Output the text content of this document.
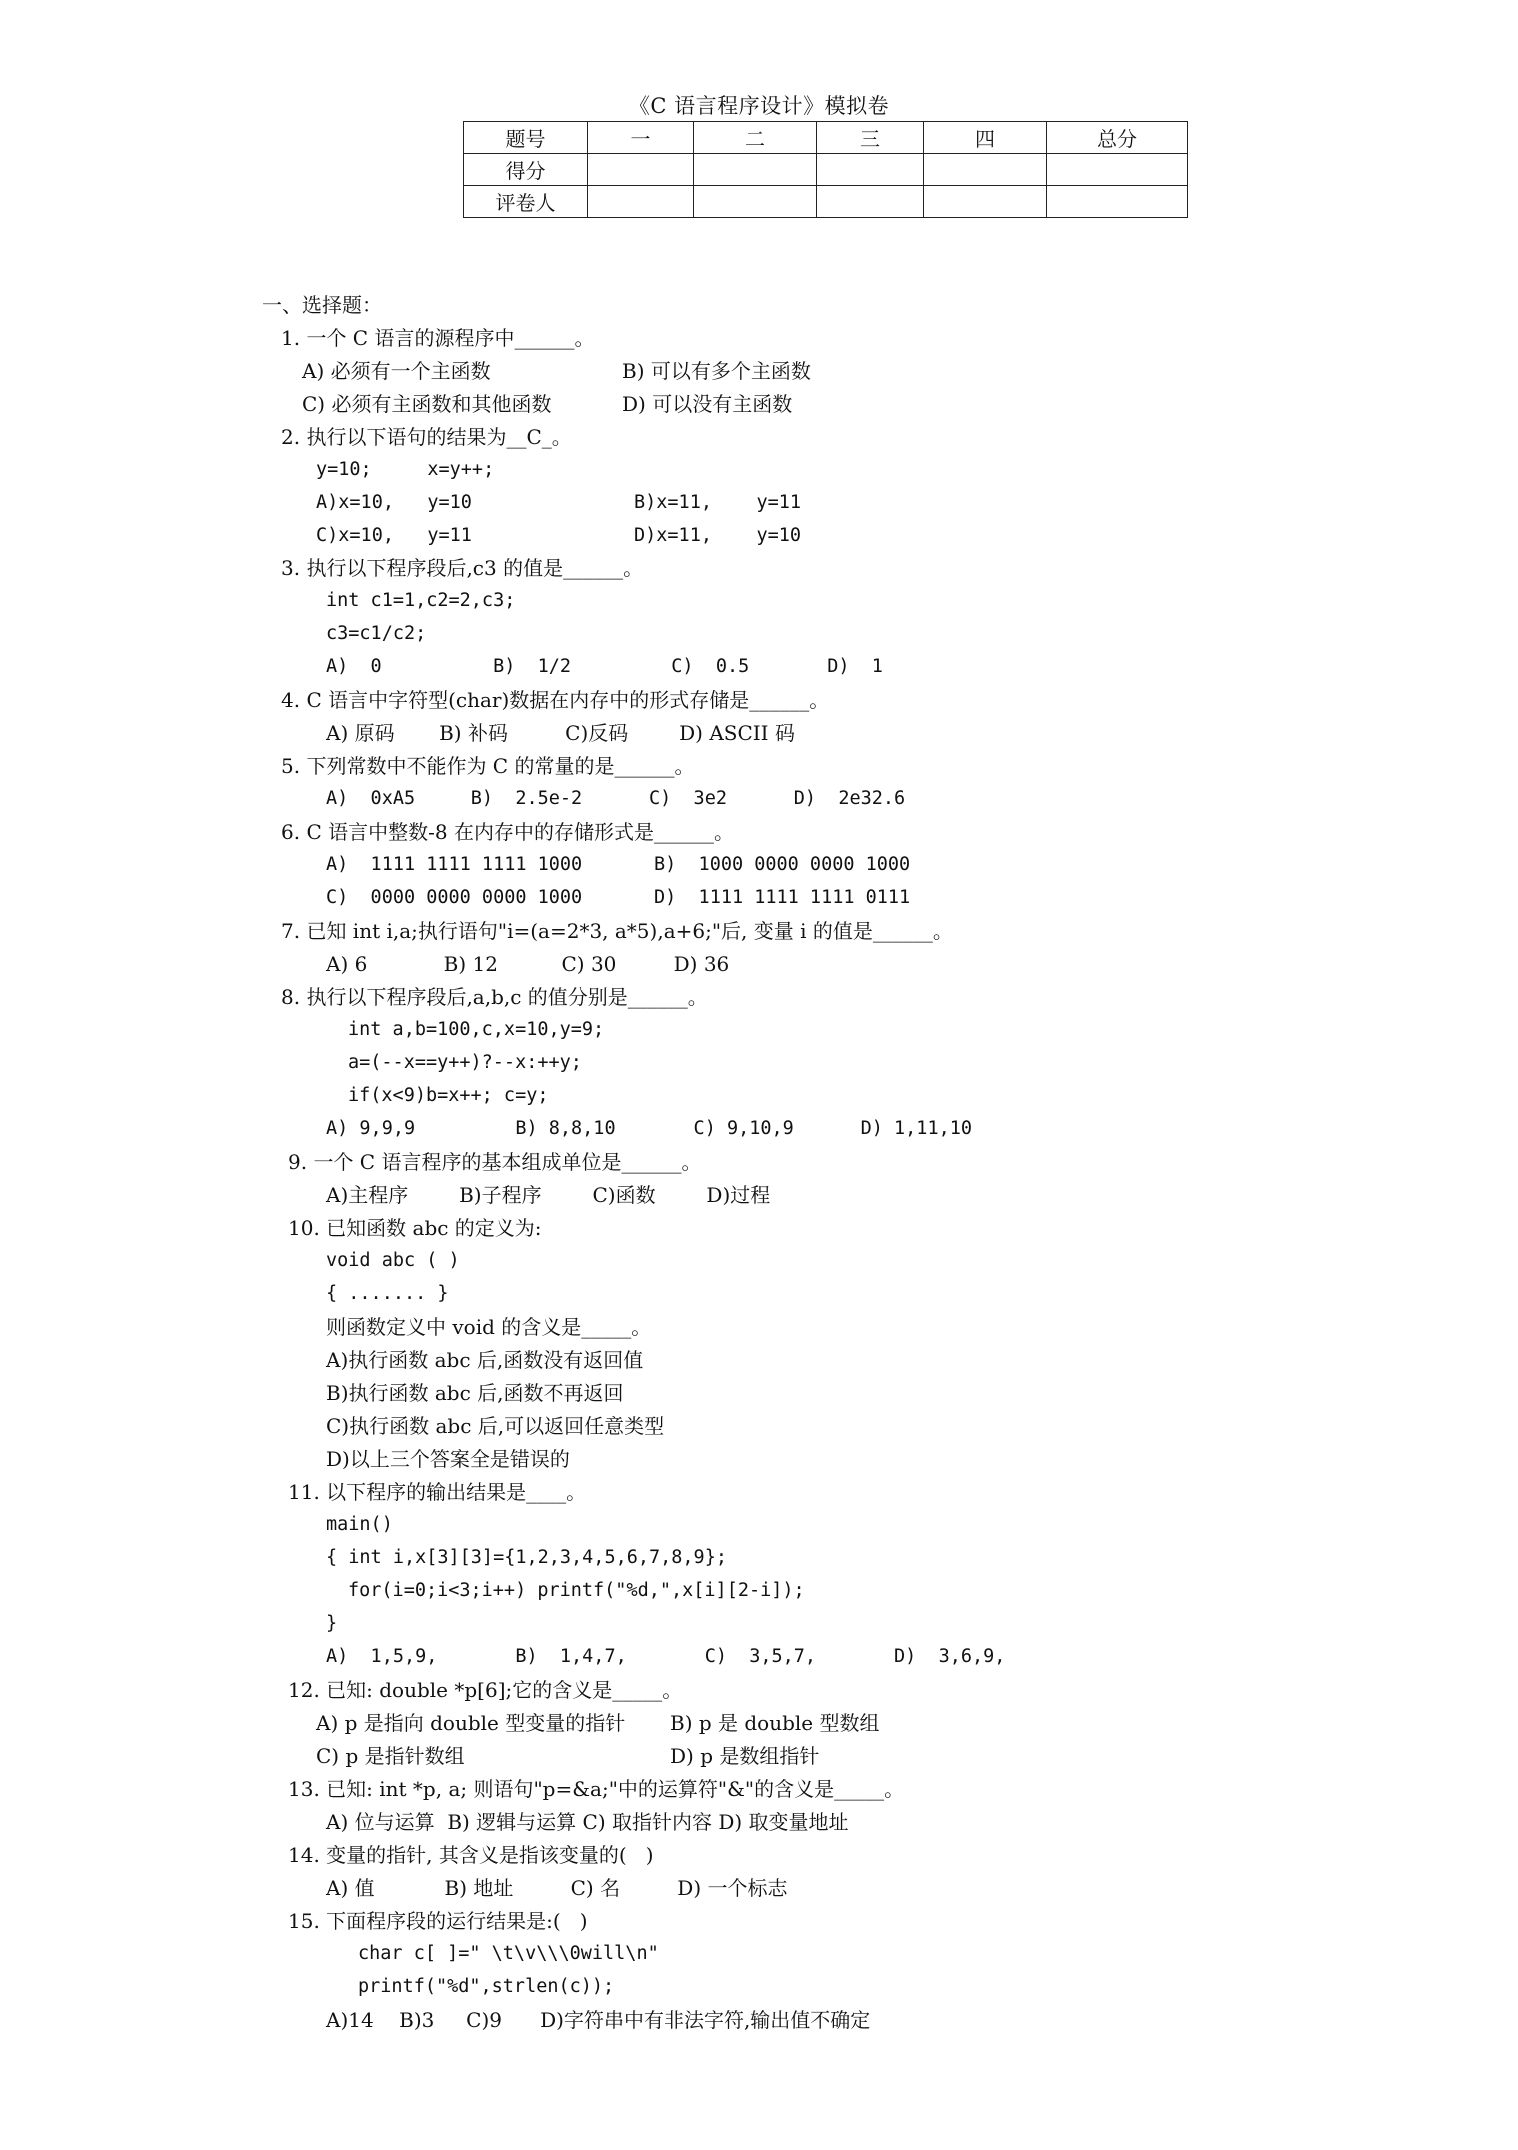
《C 语言程序设计》模拟卷
题号	一	二	三	四	总分
得分					
评卷人					
一、选择题：
1. 一个 C 语言的源程序中______。
A) 必须有一个主函数	B) 可以有多个主函数
C) 必须有主函数和其他函数	D) 可以没有主函数
2. 执行以下语句的结果为__C_。
y=10;     x=y++;
A)x=10,   y=10	B)x=11,    y=11
C)x=10,   y=11	D)x=11,    y=10
3. 执行以下程序段后,c3 的值是______。
int c1=1,c2=2,c3;
c3=c1/c2;
A)  0          B)  1/2         C)  0.5       D)  1
4. C 语言中字符型(char)数据在内存中的形式存储是______。
A) 原码       B) 补码         C)反码        D) ASCII 码
5. 下列常数中不能作为 C 的常量的是______。
A)  0xA5     B)  2.5e-2      C)  3e2      D)  2e32.6
6. C 语言中整数-8 在内存中的存储形式是______。
A)  1111 1111 1111 1000	B)  1000 0000 0000 1000
C)  0000 0000 0000 1000	D)  1111 1111 1111 0111
7. 已知 int i,a;执行语句"i=(a=2*3, a*5),a+6;"后, 变量 i 的值是______。
A) 6            B) 12          C) 30         D) 36
8. 执行以下程序段后,a,b,c 的值分别是______。
int a,b=100,c,x=10,y=9;
a=(--x==y++)?--x:++y;
if(x<9)b=x++; c=y;
A) 9,9,9         B) 8,8,10       C) 9,10,9      D) 1,11,10
9. 一个 C 语言程序的基本组成单位是______。
A)主程序        B)子程序        C)函数        D)过程
10. 已知函数 abc 的定义为:
void abc ( )
{ ....... }
则函数定义中 void 的含义是_____。
A)执行函数 abc 后,函数没有返回值
B)执行函数 abc 后,函数不再返回
C)执行函数 abc 后,可以返回任意类型
D)以上三个答案全是错误的
11. 以下程序的输出结果是____。
main()
{ int i,x[3][3]={1,2,3,4,5,6,7,8,9};
for(i=0;i<3;i++) printf("%d,",x[i][2-i]);
}
A)  1,5,9,       B)  1,4,7,       C)  3,5,7,       D)  3,6,9,
12. 已知: double *p[6];它的含义是_____。
A) p 是指向 double 型变量的指针 B) p 是 double 型数组
C) p 是指针数组	D) p 是数组指针
13. 已知: int *p, a; 则语句"p=&a;"中的运算符"&"的含义是_____。
A) 位与运算  B) 逻辑与运算 C) 取指针内容 D) 取变量地址
14. 变量的指针, 其含义是指该变量的(   )
A) 值           B) 地址         C) 名         D) 一个标志
15. 下面程序段的运行结果是:(   )
char c[ ]=" \t\v\\\0will\n"
printf("%d",strlen(c));
A)14    B)3     C)9      D)字符串中有非法字符,输出值不确定
